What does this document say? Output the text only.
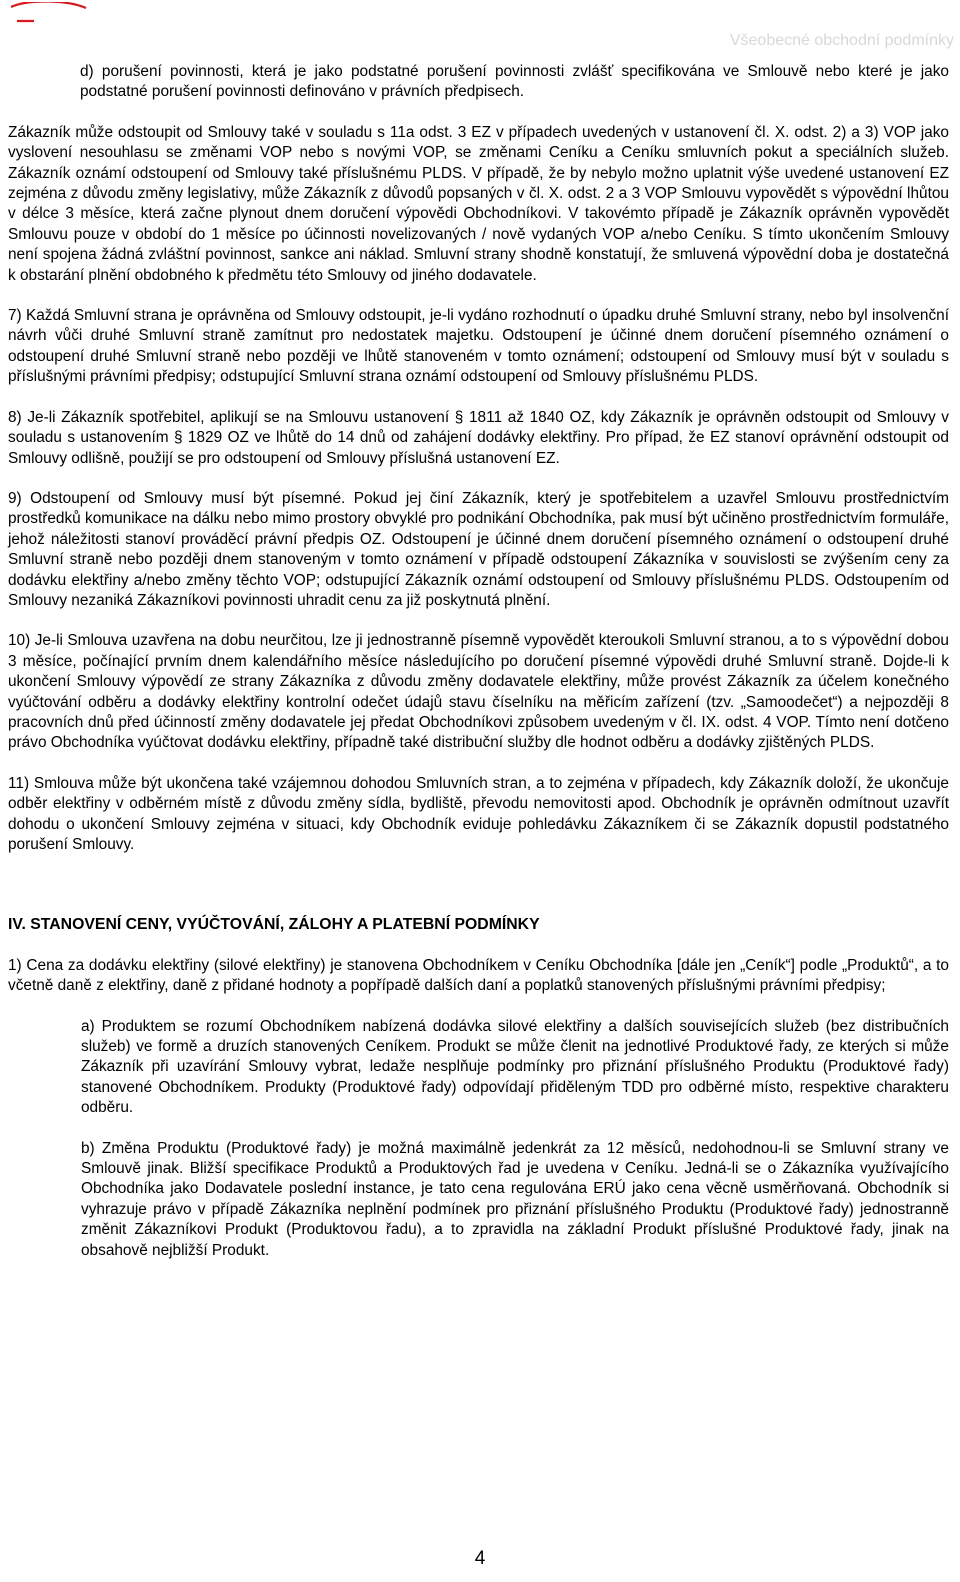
Všeobecné obchodní podmínky

d) porušení povinnosti, která je jako podstatné porušení povinnosti zvlášť specifikována ve Smlouvě nebo které je jako podstatné porušení povinnosti definováno v právních předpisech.

Zákazník může odstoupit od Smlouvy také v souladu s 11a odst. 3 EZ v případech uvedených v ustanovení čl. X. odst. 2) a 3) VOP jako vyslovení nesouhlasu se změnami VOP nebo s novými VOP, se změnami Ceníku a Ceníku smluvních pokut a speciálních služeb. Zákazník oznámí odstoupení od Smlouvy také příslušnému PLDS. V případě, že by nebylo možno uplatnit výše uvedené ustanovení EZ zejména z důvodu změny legislativy, může Zákazník z důvodů popsaných v čl. X. odst. 2 a 3 VOP Smlouvu vypovědět s výpovědní lhůtou v délce 3 měsíce, která začne plynout dnem doručení výpovědi Obchodníkovi. V takovémto případě je Zákazník oprávněn vypovědět Smlouvu pouze v období do 1 měsíce po účinnosti novelizovaných / nově vydaných VOP a/nebo Ceníku. S tímto ukončením Smlouvy není spojena žádná zvláštní povinnost, sankce ani náklad. Smluvní strany shodně konstatují, že smluvená výpovědní doba je dostatečná k obstarání plnění obdobného k předmětu této Smlouvy od jiného dodavatele.

7) Každá Smluvní strana je oprávněna od Smlouvy odstoupit, je-li vydáno rozhodnutí o úpadku druhé Smluvní strany, nebo byl insolvenční návrh vůči druhé Smluvní straně zamítnut pro nedostatek majetku. Odstoupení je účinné dnem doručení písemného oznámení o odstoupení druhé Smluvní straně nebo později ve lhůtě stanoveném v tomto oznámení; odstoupení od Smlouvy musí být v souladu s příslušnými právními předpisy; odstupující Smluvní strana oznámí odstoupení od Smlouvy příslušnému PLDS.

8) Je-li Zákazník spotřebitel, aplikují se na Smlouvu ustanovení § 1811 až 1840 OZ, kdy Zákazník je oprávněn odstoupit od Smlouvy v souladu s ustanovením § 1829 OZ ve lhůtě do 14 dnů od zahájení dodávky elektřiny. Pro případ, že EZ stanoví oprávnění odstoupit od Smlouvy odlišně, použijí se pro odstoupení od Smlouvy příslušná ustanovení EZ.

9) Odstoupení od Smlouvy musí být písemné. Pokud jej činí Zákazník, který je spotřebitelem a uzavřel Smlouvu prostřednictvím prostředků komunikace na dálku nebo mimo prostory obvyklé pro podnikání Obchodníka, pak musí být učiněno prostřednictvím formuláře, jehož náležitosti stanoví prováděcí právní předpis OZ. Odstoupení je účinné dnem doručení písemného oznámení o odstoupení druhé Smluvní straně nebo později dnem stanoveným v tomto oznámení v případě odstoupení Zákazníka v souvislosti se zvýšením ceny za dodávku elektřiny a/nebo změny těchto VOP; odstupující Zákazník oznámí odstoupení od Smlouvy příslušnému PLDS. Odstoupením od Smlouvy nezaniká Zákazníkovi povinnosti uhradit cenu za již poskytnutá plnění.

10) Je-li Smlouva uzavřena na dobu neurčitou, lze ji jednostranně písemně vypovědět kteroukoli Smluvní stranou, a to s výpovědní dobou 3 měsíce, počínající prvním dnem kalendářního měsíce následujícího po doručení písemné výpovědi druhé Smluvní straně. Dojde-li k ukončení Smlouvy výpovědí ze strany Zákazníka z důvodu změny dodavatele elektřiny, může provést Zákazník za účelem konečného vyúčtování odběru a dodávky elektřiny kontrolní odečet údajů stavu číselníku na měřicím zařízení (tzv. „Samoodečet“) a nejpozději 8 pracovních dnů před účinností změny dodavatele jej předat Obchodníkovi způsobem uvedeným v čl. IX. odst. 4 VOP. Tímto není dotčeno právo Obchodníka vyúčtovat dodávku elektřiny, případně také distribuční služby dle hodnot odběru a dodávky zjištěných PLDS.

11) Smlouva může být ukončena také vzájemnou dohodou Smluvních stran, a to zejména v případech, kdy Zákazník doloží, že ukončuje odběr elektřiny v odběrném místě z důvodu změny sídla, bydliště, převodu nemovitosti apod. Obchodník je oprávněn odmítnout uzavřít dohodu o ukončení Smlouvy zejména v situaci, kdy Obchodník eviduje pohledávku Zákazníkem či se Zákazník dopustil podstatného porušení Smlouvy.

IV. STANOVENÍ CENY, VYÚČTOVÁNÍ, ZÁLOHY A PLATEBNÍ PODMÍNKY

1) Cena za dodávku elektřiny (silové elektřiny) je stanovena Obchodníkem v Ceníku Obchodníka [dále jen „Ceník“] podle „Produktů“, a to včetně daně z elektřiny, daně z přidané hodnoty a popřípadě dalších daní a poplatků stanovených příslušnými právními předpisy;

a) Produktem se rozumí Obchodníkem nabízená dodávka silové elektřiny a dalších souvisejících služeb (bez distribučních služeb) ve formě a druzích stanovených Ceníkem. Produkt se může členit na jednotlivé Produktové řady, ze kterých si může Zákazník při uzavírání Smlouvy vybrat, ledaže nesplňuje podmínky pro přiznání příslušného Produktu (Produktové řady) stanovené Obchodníkem. Produkty (Produktové řady) odpovídají přiděleným TDD pro odběrné místo, respektive charakteru odběru.

b) Změna Produktu (Produktové řady) je možná maximálně jedenkrát za 12 měsíců, nedohodnou-li se Smluvní strany ve Smlouvě jinak. Bližší specifikace Produktů a Produktových řad je uvedena v Ceníku. Jedná-li se o Zákazníka využívajícího Obchodníka jako Dodavatele poslední instance, je tato cena regulována ERÚ jako cena věcně usměrňovaná. Obchodník si vyhrazuje právo v případě Zákazníka neplnění podmínek pro přiznání příslušného Produktu (Produktové řady) jednostranně změnit Zákazníkovi Produkt (Produktovou řadu), a to zpravidla na základní Produkt příslušné Produktové řady, jinak na obsahově nejbližší Produkt.

4
